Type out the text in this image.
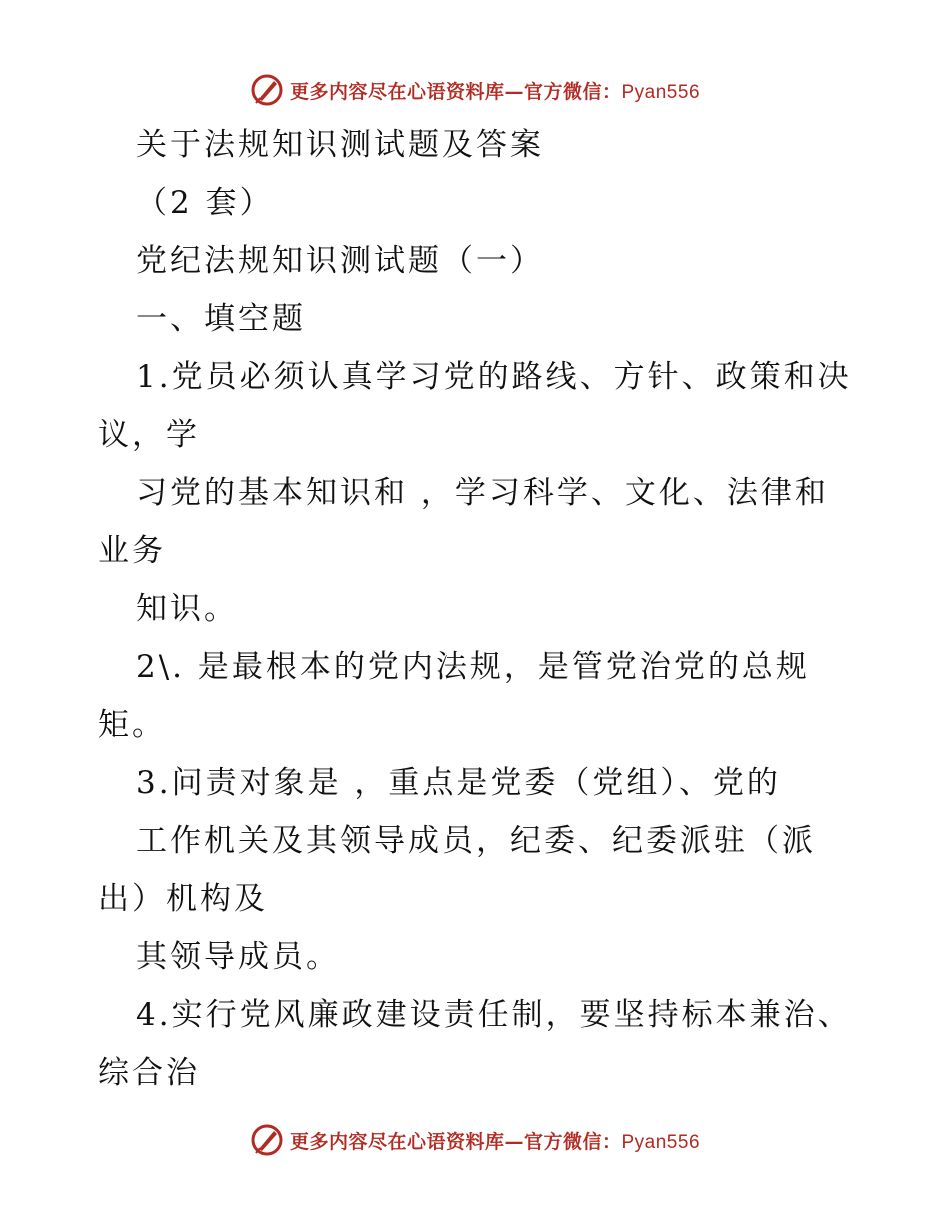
更多内容尽在心语资料库—官方微信：Pyan556
关于法规知识测试题及答案
（2 套）
党纪法规知识测试题（一）
一、填空题
1.党员必须认真学习党的路线、方针、政策和决
议，学
习党的基本知识和 ，学习科学、文化、法律和
业务
知识。
2\. 是最根本的党内法规，是管党治党的总规
矩。
3.问责对象是 ，重点是党委（党组）、党的
工作机关及其领导成员，纪委、纪委派驻（派
出）机构及
其领导成员。
4.实行党风廉政建设责任制，要坚持标本兼治、
综合治
更多内容尽在心语资料库—官方微信：Pyan556
